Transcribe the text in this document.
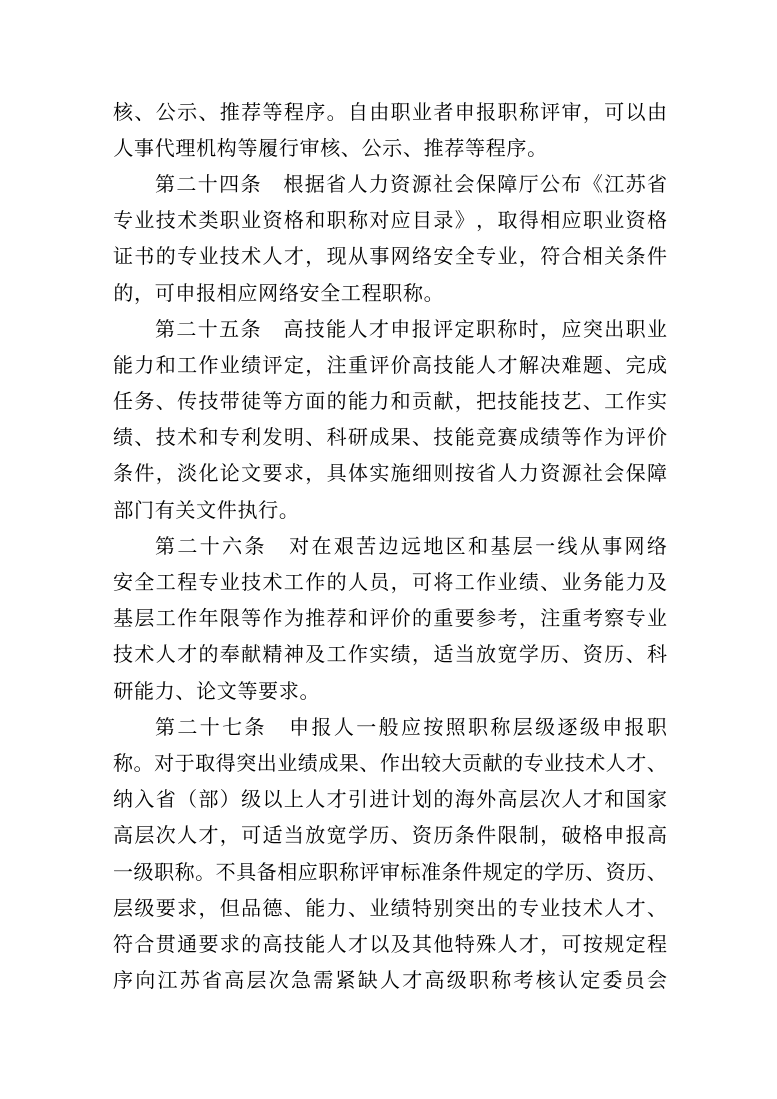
核 、 公 示 、 推 荐 等 程 序 。 自 由 职 业 者 申 报 职 称 评 审 ， 可 以 由
人 事 代 理 机 构 等 履 行 审 核 、 公 示 、 推 荐 等 程 序 。
第 二 十 四 条
　 根 据 省 人 力 资 源 社 会 保 障 厅 公 布 《 江 苏 省
专 业 技 术 类 职 业 资 格 和 职 称 对 应 目 录 》 ， 取 得 相 应 职 业 资 格
证 书 的 专 业 技 术 人 才 ， 现 从 事 网 络 安 全 专 业 ， 符 合 相 关 条 件
的 ， 可 申 报 相 应 网 络 安 全 工 程 职 称 。
第 二 十 五 条
　 高 技 能 人 才 申 报 评 定 职 称 时 ， 应 突 出 职 业
能 力 和 工 作 业 绩 评 定 ， 注 重 评 价 高 技 能 人 才 解 决 难 题 、 完 成
任 务 、 传 技 带 徒 等 方 面 的 能 力 和 贡 献 ， 把 技 能 技 艺 、 工 作 实
绩 、 技 术 和 专 利 发 明 、 科 研 成 果 、 技 能 竞 赛 成 绩 等 作 为 评 价
条 件 ， 淡 化 论 文 要 求 ， 具 体 实 施 细 则 按 省 人 力 资 源 社 会 保 障
部 门 有 关 文 件 执 行 。
第 二 十 六 条
　 对 在 艰 苦 边 远 地 区 和 基 层 一 线 从 事 网 络
安 全 工 程 专 业 技 术 工 作 的 人 员 ， 可 将 工 作 业 绩 、 业 务 能 力 及
基 层 工 作 年 限 等 作 为 推 荐 和 评 价 的 重 要 参 考 ， 注 重 考 察 专 业
技 术 人 才 的 奉 献 精 神 及 工 作 实 绩 ， 适 当 放 宽 学 历 、 资 历 、 科
研 能 力 、 论 文 等 要 求 。
第 二 十 七 条
　 申 报 人 一 般 应 按 照 职 称 层 级 逐 级 申 报 职
称 。 对 于 取 得 突 出 业 绩 成 果 、 作 出 较 大 贡 献 的 专 业 技 术 人 才 、
纳 入 省 （ 部 ） 级 以 上 人 才 引 进 计 划 的 海 外 高 层 次 人 才 和 国 家
高 层 次 人 才 ， 可 适 当 放 宽 学 历 、 资 历 条 件 限 制 ， 破 格 申 报 高
一 级 职 称 。 不 具 备 相 应 职 称 评 审 标 准 条 件 规 定 的 学 历 、 资 历 、
层 级 要 求 ， 但 品 德 、 能 力 、 业 绩 特 别 突 出 的 专 业 技 术 人 才 、
符 合 贯 通 要 求 的 高 技 能 人 才 以 及 其 他 特 殊 人 才 ， 可 按 规 定 程
序 向 江 苏 省 高 层 次 急 需 紧 缺 人 才 高 级 职 称 考 核 认 定 委 员 会
